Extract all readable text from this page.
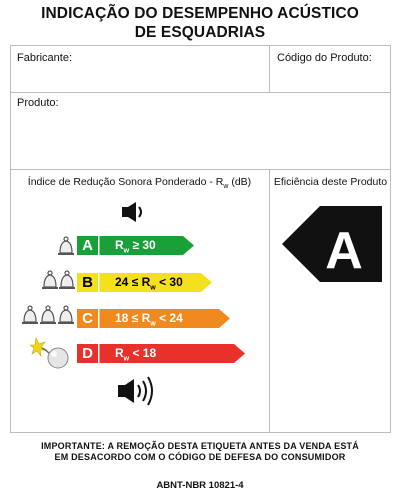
INDICAÇÃO DO DESEMPENHO ACÚSTICO
DE ESQUADRIAS
Fabricante:	Código do Produto:
Produto:
Índice de Redução Sonora Ponderado - $R_w$ (dB)	Eficiência deste Produto
A	$R_w \ge 30$
B	$24 \le R_w < 30$
C	$18 \le R_w < 24$
D	$R_w < 18$
A
IMPORTANTE: A REMOÇÃO DESTA ETIQUETA ANTES DA VENDA ESTÁ
EM DESACORDO COM O CÓDIGO DE DEFESA DO CONSUMIDOR
ABNT-NBR 10821-4
